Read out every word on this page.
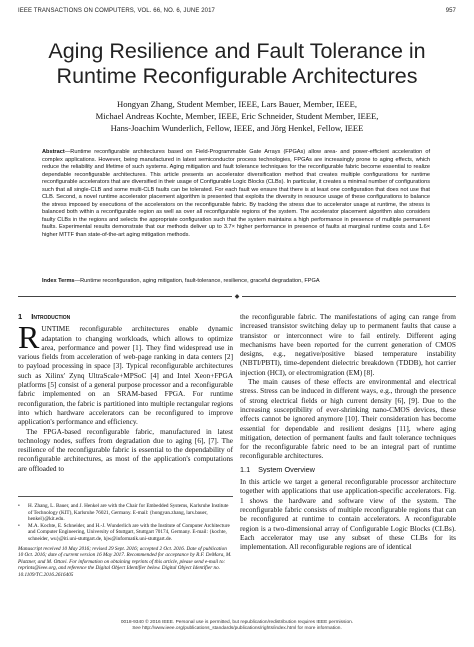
IEEE TRANSACTIONS ON COMPUTERS, VOL. 66, NO. 6, JUNE 2017	957
Aging Resilience and Fault Tolerance in
Runtime Reconfigurable Architectures
Hongyan Zhang, Student Member, IEEE, Lars Bauer, Member, IEEE,
Michael Andreas Kochte, Member, IEEE, Eric Schneider, Student Member, IEEE,
Hans-Joachim Wunderlich, Fellow, IEEE, and Jörg Henkel, Fellow, IEEE
Abstract—Runtime reconfigurable architectures based on Field-Programmable Gate Arrays (FPGAs) allow area- and power-efficient acceleration of complex applications. However, being manufactured in latest semiconductor process technologies, FPGAs are increasingly prone to aging effects, which reduce the reliability and lifetime of such systems. Aging mitigation and fault tolerance techniques for the reconfigurable fabric become essential to realize dependable reconfigurable architectures. This article presents an accelerator diversification method that creates multiple configurations for runtime reconfigurable accelerators that are diversified in their usage of Configurable Logic Blocks (CLBs). In particular, it creates a minimal number of configurations such that all single-CLB and some multi-CLB faults can be tolerated. For each fault we ensure that there is at least one configuration that does not use that CLB. Second, a novel runtime accelerator placement algorithm is presented that exploits the diversity in resource usage of these configurations to balance the stress imposed by executions of the accelerators on the reconfigurable fabric. By tracking the stress due to accelerator usage at runtime, the stress is balanced both within a reconfigurable region as well as over all reconfigurable regions of the system. The accelerator placement algorithm also considers faulty CLBs in the regions and selects the appropriate configuration such that the system maintains a high performance in presence of multiple permanent faults. Experimental results demonstrate that our methods deliver up to 3.7× higher performance in presence of faults at marginal runtime costs and 1.6× higher MTTF than state-of-the-art aging mitigation methods.
Index Terms—Runtime reconfiguration, aging mitigation, fault-tolerance, resilience, graceful degradation, FPGA
◆
1 Introduction

RUNTIME reconfigurable architectures enable dynamic adaptation to changing workloads, which allows to optimize area, performance and power [1]. They find widespread use in various fields from acceleration of web-page ranking in data centers [2] to payload processing in space [3]. Typical reconfigurable architectures such as Xilinx' Zynq UltraScale+MPSoC [4] and Intel Xeon+FPGA platforms [5] consist of a general purpose processor and a reconfigurable fabric implemented on an SRAM-based FPGA. For runtime reconfiguration, the fabric is partitioned into multiple rectangular regions into which hardware accelerators can be reconfigured to improve application's performance and efficiency.

The FPGA-based reconfigurable fabric, manufactured in latest technology nodes, suffers from degradation due to aging [6], [7]. The resilience of the reconfigurable fabric is essential to the dependability of reconfigurable architectures, as most of the application's computations are offloaded to

the reconfigurable fabric. The manifestations of aging can range from increased transistor switching delay up to permanent faults that cause a transistor or interconnect wire to fail entirely. Different aging mechanisms have been reported for the current generation of CMOS designs, e.g., negative/positive biased temperature instability (NBTI/PBTI), time-dependent dielectric breakdown (TDDB), hot carrier injection (HCI), or electromigration (EM) [8].

The main causes of these effects are environmental and electrical stress. Stress can be induced in different ways, e.g., through the presence of strong electrical fields or high current density [6], [9]. Due to the increasing susceptibility of ever-shrinking nano-CMOS devices, these effects cannot be ignored anymore [10]. Their consideration has become essential for dependable and resilient designs [11], where aging mitigation, detection of permanent faults and fault tolerance techniques for the reconfigurable fabric need to be an integral part of runtime reconfigurable architectures.

1.1 System Overview

In this article we target a general reconfigurable processor architecture together with applications that use application-specific accelerators. Fig. 1 shows the hardware and software view of the system. The reconfigurable fabric consists of multiple reconfigurable regions that can be reconfigured at runtime to contain accelerators. A reconfigurable region is a two-dimensional array of Configurable Logic Blocks (CLBs). Each accelerator may use any subset of these CLBs for its implementation. All reconfigurable regions are of identical

•	H. Zhang, L. Bauer, and J. Henkel are with the Chair for Embedded Systems, Karlsruhe Institute of Technology (KIT), Karlsruhe 76021, Germany. E-mail: {hongyan.zhang, lars.bauer, henkel}@kit.edu.
•	M.A. Kochte, E. Schneider, and H.-J. Wunderlich are with the Institute of Computer Architecture and Computer Engineering, University of Stuttgart, Stuttgart 70174, Germany. E-mail: {kochte, schneider, wu}@iti.uni-stuttgart.de, hjw@informatik.uni-stuttgart.de.
Manuscript received 10 May 2016; revised 29 Sept. 2016; accepted 2 Oct. 2016. Date of publication 10 Oct. 2016; date of current version 16 May 2017. Recommended for acceptance by R.F. DeMara, M. Platzner, and M. Ottavi. For information on obtaining reprints of this article, please send e-mail to: reprints@ieee.org, and reference the Digital Object Identifier below. Digital Object Identifier no. 10.1109/TC.2016.2616405
0018-9340 © 2016 IEEE. Personal use is permitted, but republication/redistribution requires IEEE permission.
See http://www.ieee.org/publications_standards/publications/rights/index.html for more information.
